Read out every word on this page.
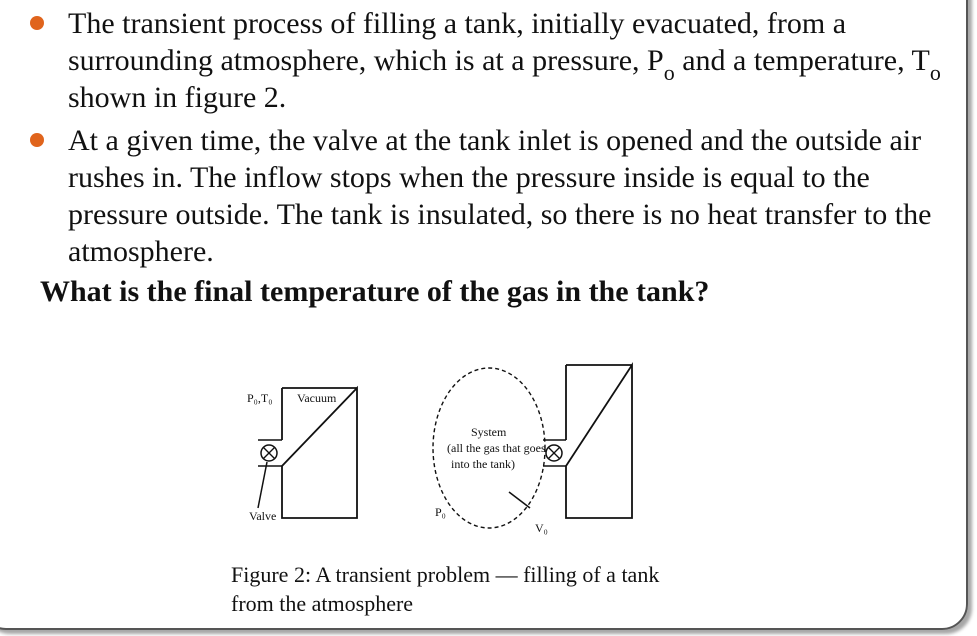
The transient process of filling a tank, initially evacuated, from a surrounding atmosphere, which is at a pressure, $P_o$ and a temperature, $T_o$ shown in figure 2.
At a given time, the valve at the tank inlet is opened and the outside air rushes in. The inflow stops when the pressure inside is equal to the pressure outside. The tank is insulated, so there is no heat transfer to the atmosphere.
What is the final temperature of the gas in the tank?
P₀,T₀ Vacuum
Valve
System
(all the gas that goes
into the tank)
P₀
V₀
Figure 2: A transient problem — filling of a tank from the atmosphere
